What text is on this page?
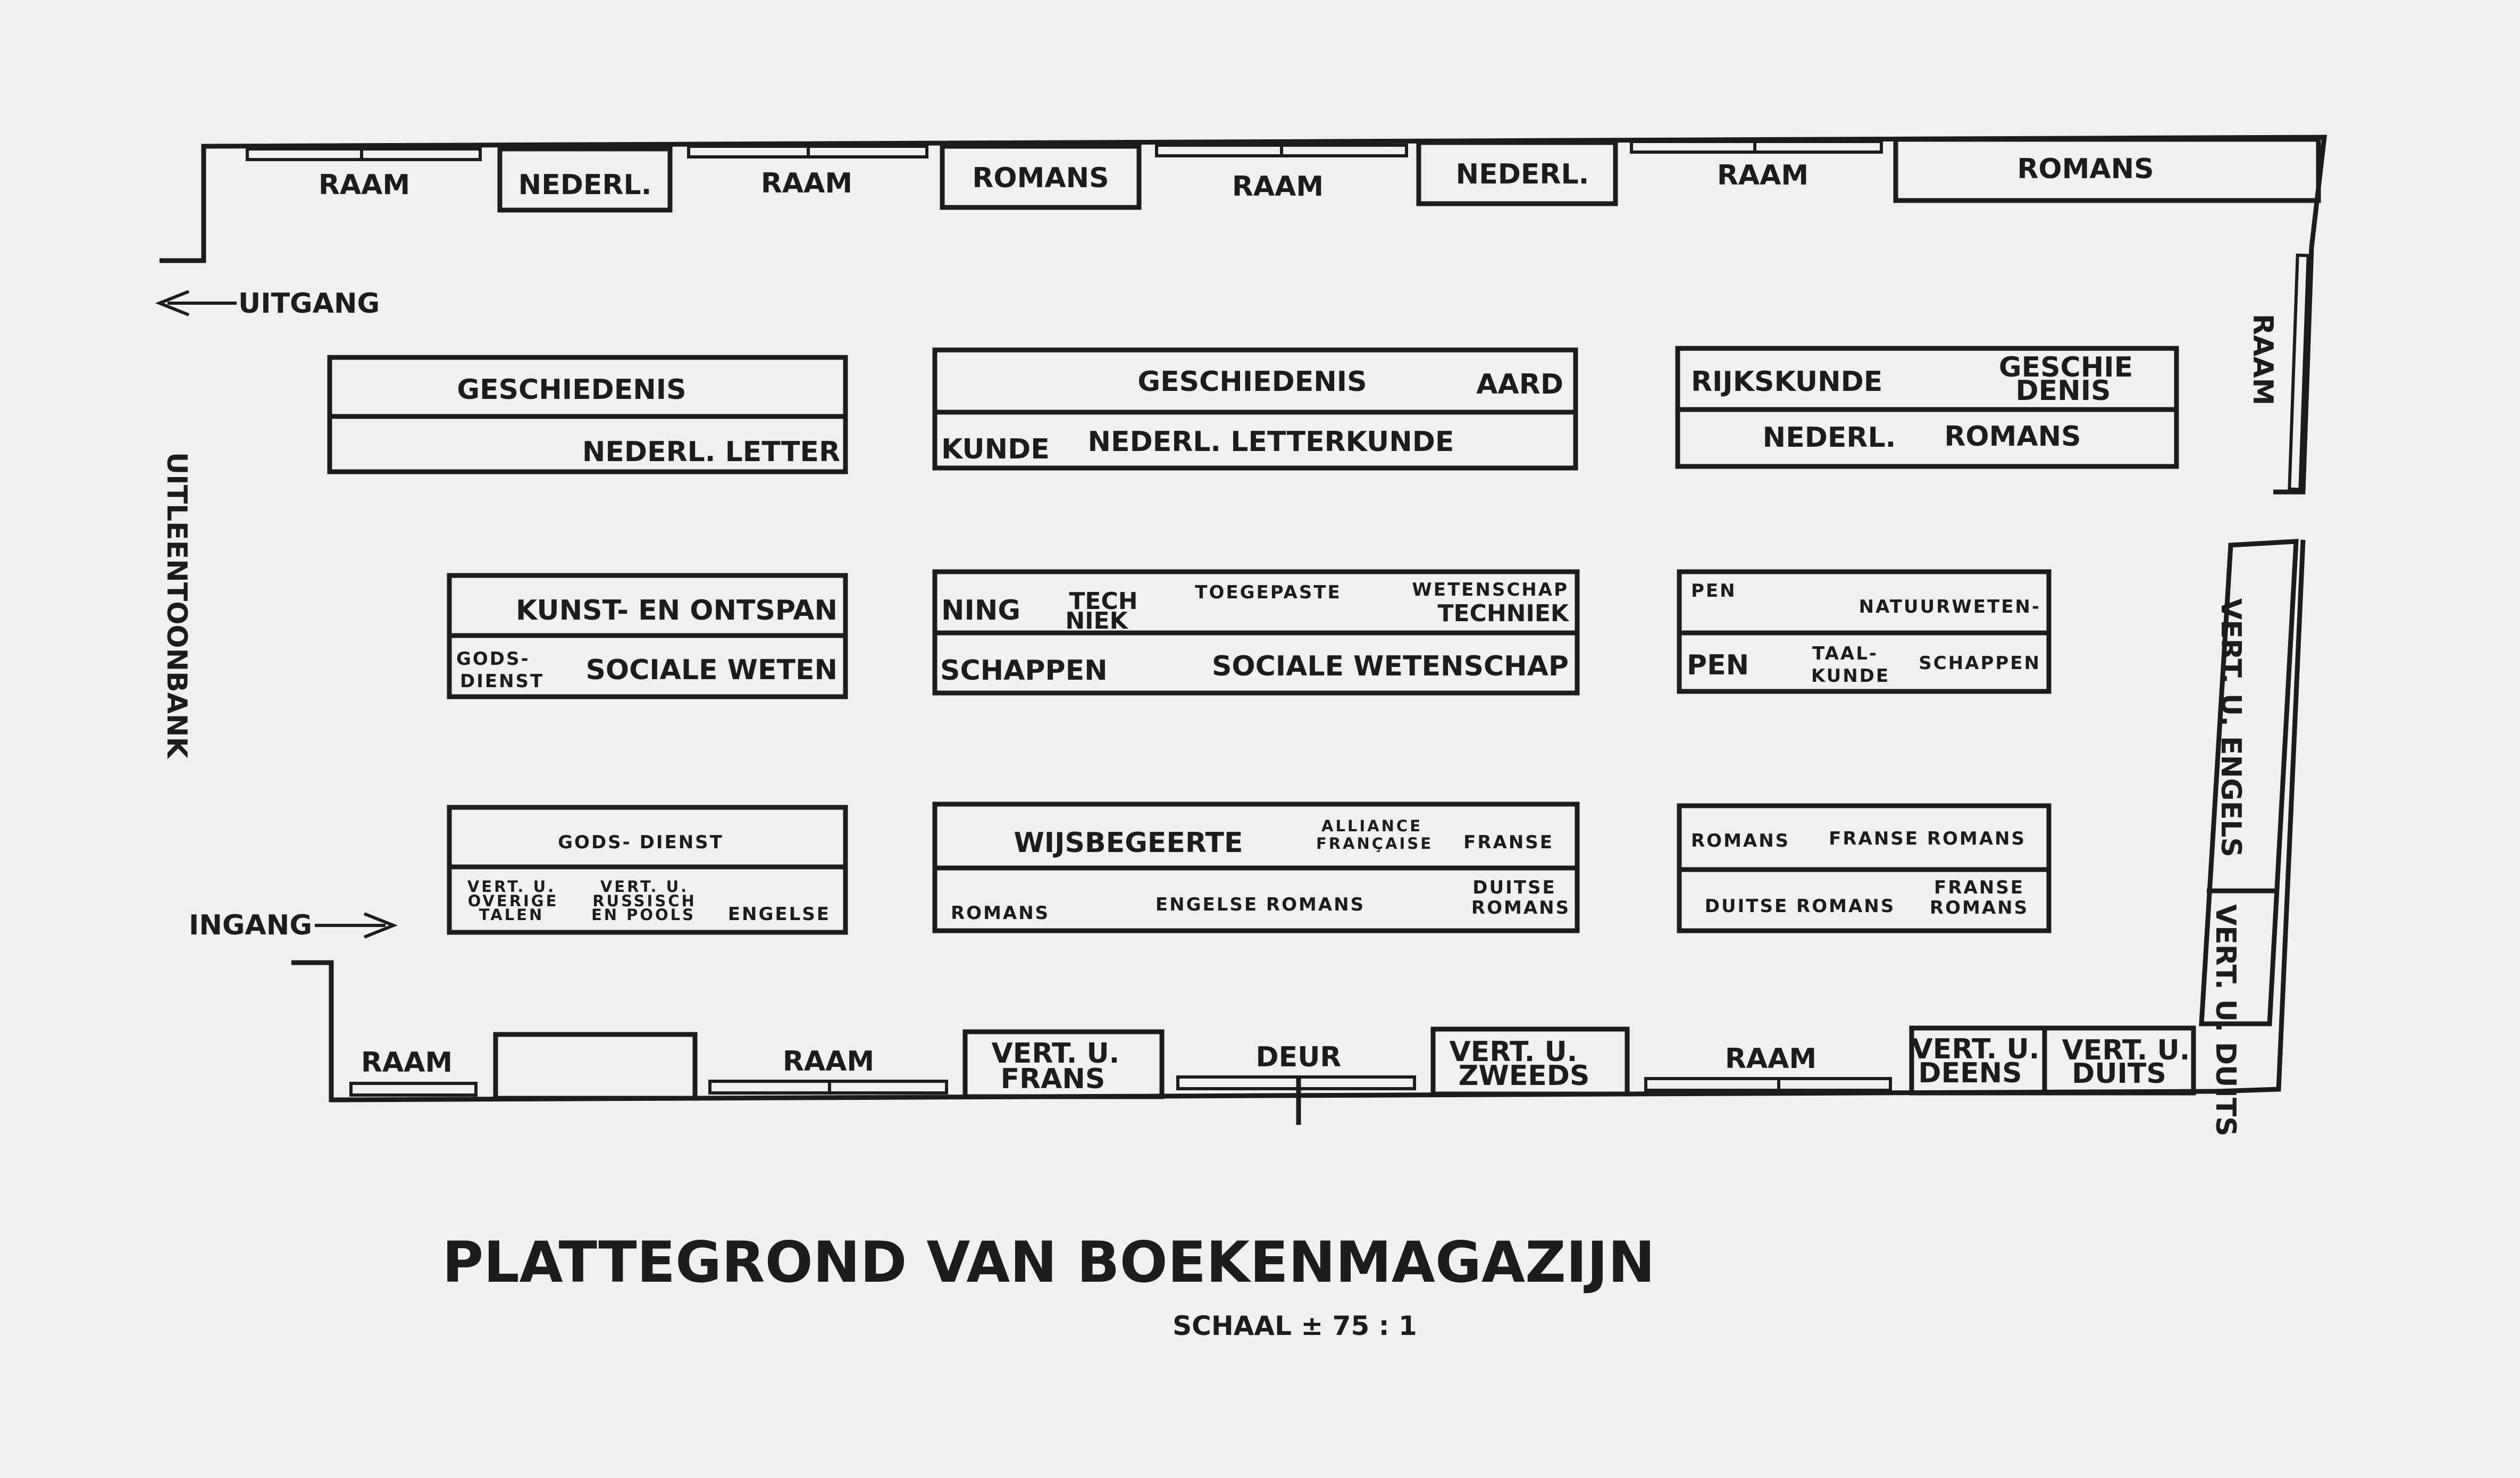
RAAM	NEDERL.	RAAM	ROMANS	RAAM	NEDERL.	RAAM	ROMANS
UITGANG
UITLEENTOONBANK
INGANG
RAAM
VERT. U. ENGELS
VERT. U. DUITS
RAAM	RAAM	VERT. U.
FRANS
DEUR	VERT. U.
ZWEEDS
RAAM	VERT. U.
DEENS
VERT. U.
DUITS
GESCHIEDENIS
NEDERL. LETTER
GESCHIEDENIS	AARD
KUNDE NEDERL. LETTERKUNDE
RIJKSKUNDE	GESCHIE
DENIS
NEDERL. ROMANS
KUNST- EN ONTSPAN
GODS-
DIENST SOCIALE WETEN
NING TECH
NIEK
TOEGEPASTE	WETENSCHAP
TECHNIEK
SCHAPPEN	SOCIALE WETENSCHAP
PEN
NATUURWETEN-
PEN	TAAL-
KUNDE
SCHAPPEN
GODS- DIENST
VERT. U.
OVERIGE
TALEN
VERT. U.
RUSSISCH
EN POOLS ENGELSE
WIJSBEGEERTE
ALLIANCE
FRANÇAISE FRANSE
ROMANS	ENGELSE ROMANS
DUITSE
ROMANS
ROMANS FRANSE ROMANS
DUITSE ROMANS
FRANSE
ROMANS
PLATTEGROND VAN BOEKENMAGAZIJN
SCHAAL ± 75 : 1
